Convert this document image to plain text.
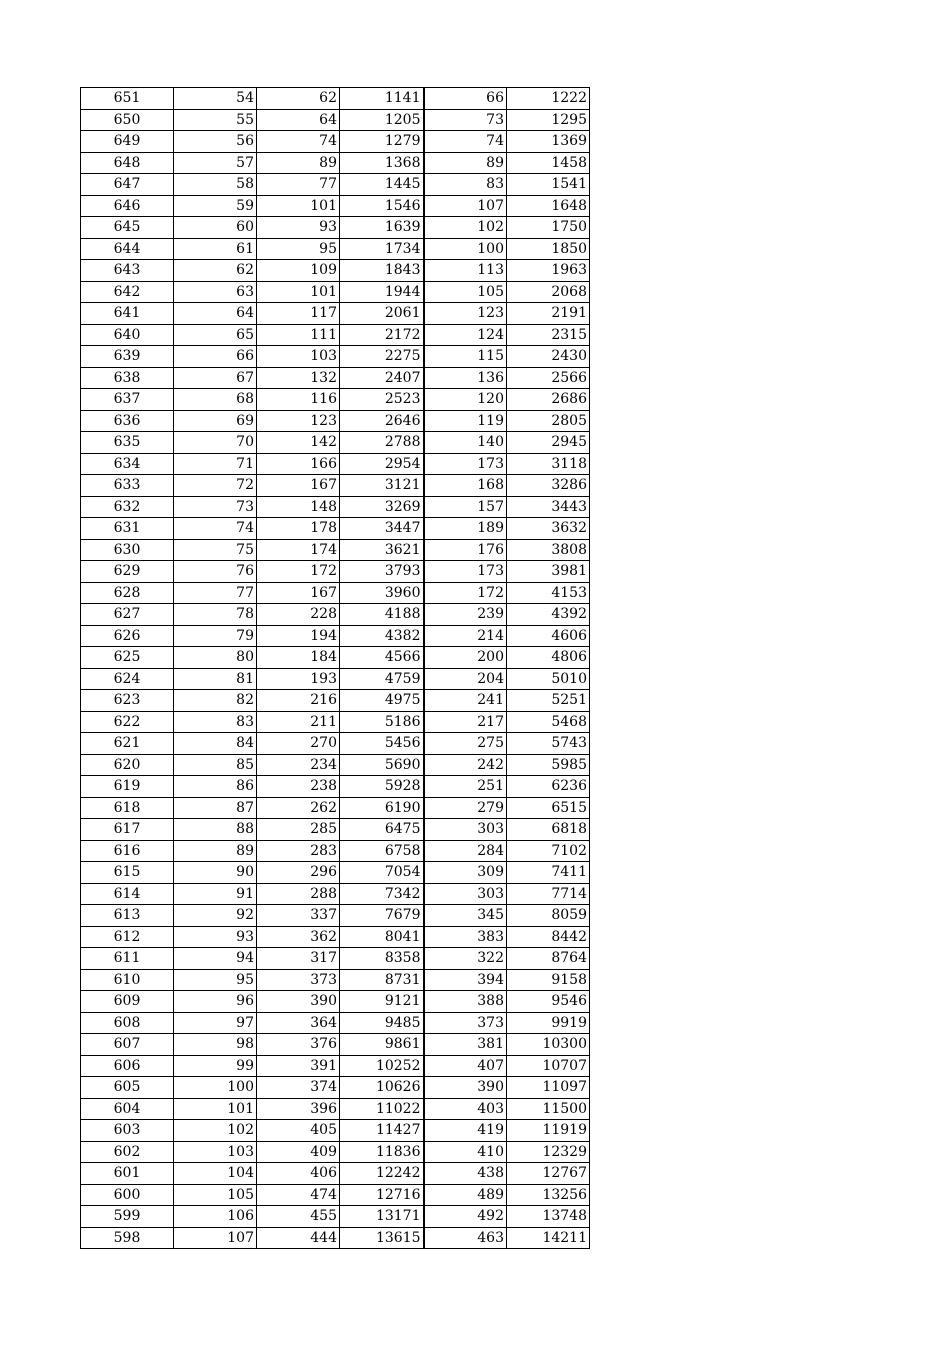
651	54	62	1141	66	1222
650	55	64	1205	73	1295
649	56	74	1279	74	1369
648	57	89	1368	89	1458
647	58	77	1445	83	1541
646	59	101	1546	107	1648
645	60	93	1639	102	1750
644	61	95	1734	100	1850
643	62	109	1843	113	1963
642	63	101	1944	105	2068
641	64	117	2061	123	2191
640	65	111	2172	124	2315
639	66	103	2275	115	2430
638	67	132	2407	136	2566
637	68	116	2523	120	2686
636	69	123	2646	119	2805
635	70	142	2788	140	2945
634	71	166	2954	173	3118
633	72	167	3121	168	3286
632	73	148	3269	157	3443
631	74	178	3447	189	3632
630	75	174	3621	176	3808
629	76	172	3793	173	3981
628	77	167	3960	172	4153
627	78	228	4188	239	4392
626	79	194	4382	214	4606
625	80	184	4566	200	4806
624	81	193	4759	204	5010
623	82	216	4975	241	5251
622	83	211	5186	217	5468
621	84	270	5456	275	5743
620	85	234	5690	242	5985
619	86	238	5928	251	6236
618	87	262	6190	279	6515
617	88	285	6475	303	6818
616	89	283	6758	284	7102
615	90	296	7054	309	7411
614	91	288	7342	303	7714
613	92	337	7679	345	8059
612	93	362	8041	383	8442
611	94	317	8358	322	8764
610	95	373	8731	394	9158
609	96	390	9121	388	9546
608	97	364	9485	373	9919
607	98	376	9861	381	10300
606	99	391	10252	407	10707
605	100	374	10626	390	11097
604	101	396	11022	403	11500
603	102	405	11427	419	11919
602	103	409	11836	410	12329
601	104	406	12242	438	12767
600	105	474	12716	489	13256
599	106	455	13171	492	13748
598	107	444	13615	463	14211
